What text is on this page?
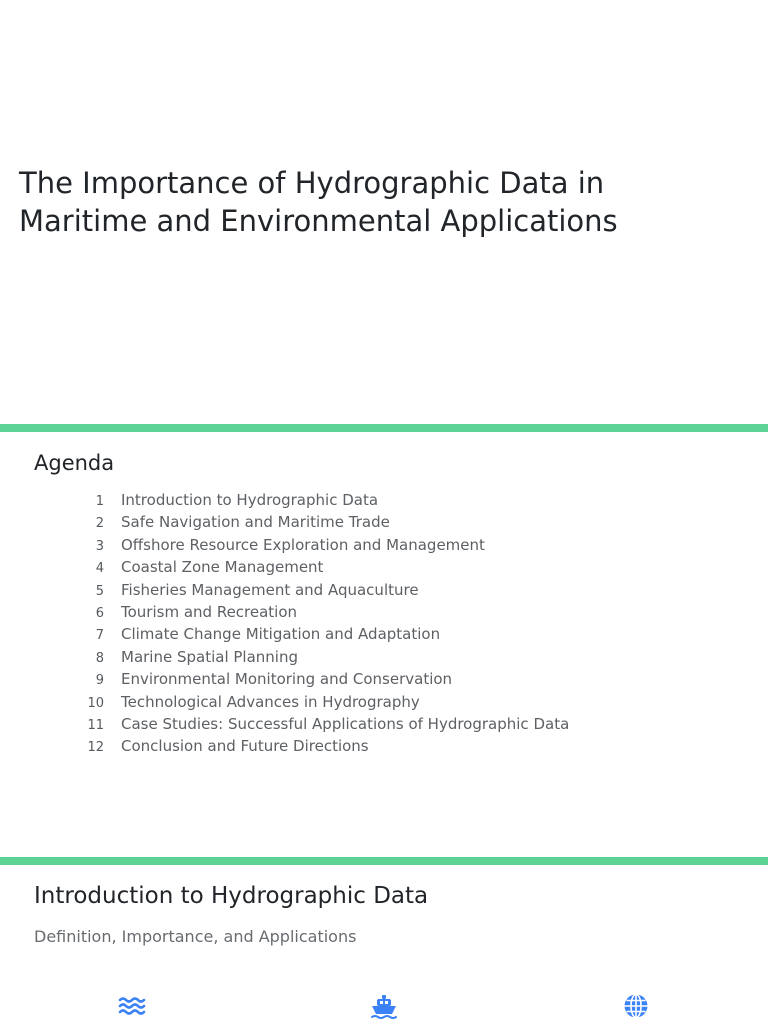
The Importance of Hydrographic Data in
Maritime and Environmental Applications
Agenda
1 Introduction to Hydrographic Data
2 Safe Navigation and Maritime Trade
3 Offshore Resource Exploration and Management
4 Coastal Zone Management
5 Fisheries Management and Aquaculture
6 Tourism and Recreation
7 Climate Change Mitigation and Adaptation
8 Marine Spatial Planning
9 Environmental Monitoring and Conservation
10 Technological Advances in Hydrography
11 Case Studies: Successful Applications of Hydrographic Data
12 Conclusion and Future Directions
Introduction to Hydrographic Data

Definition, Importance, and Applications
